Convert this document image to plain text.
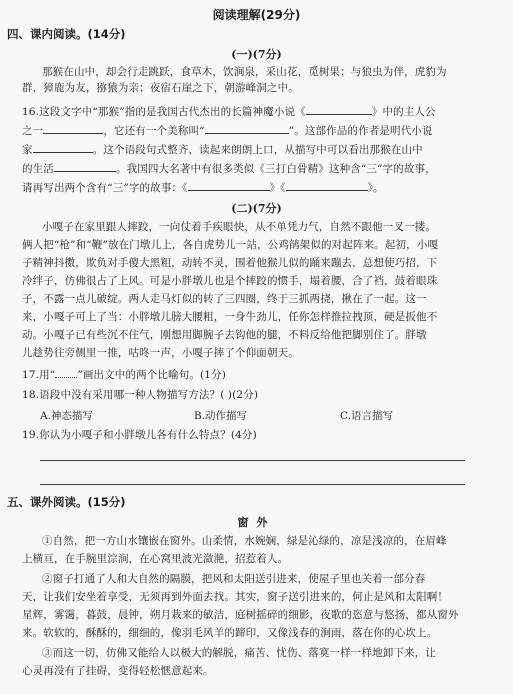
阅读理解(29分)
四、课内阅读。(14分)
(一)(7分)
那猴在山中，却会行走跳跃，食草木，饮涧泉，采山花，觅树果；与狼虫为伴，虎豹为
群，獐鹿为友，猕猿为亲；夜宿石崖之下，朝游峰洞之中。
16.这段文字中“那猴”指的是我国古代杰出的长篇神魔小说《	》中的主人公
之一	，它还有一个美称叫“	”。这部作品的作者是明代小说
家	。这个语段句式整齐，读起来朗朗上口，从描写中可以看出那猴在山中
的生活	。我国四大名著中有很多类似《三打白骨精》这种含“三”字的故事，
请再写出两个含有“三”字的故事：《	》《	》。
(二)(7分)
小嘎子在家里跟人摔跤，一向仗着手疾眼快，从不单凭力气，自然不跟他一叉一搂。
俩人把“枪”和“鞭”放在门墩儿上，各自虎势儿一站，公鸡鹐架似的对起阵来。起初，小嘎
子精神抖擞，欺负对手傻大黑粗，动转不灵，围着他猴儿似的踊来蹦去，总想使巧招，下
冷绊子，仿佛很占了上风。可是小胖墩儿也是个摔跤的惯手，塌着腰，合了裆，鼓着眼珠
子，不露一点儿破绽。两人走马灯似的转了三四圈，终于三抓两挠，揪在了一起。这一
来，小嘎子可上了当：小胖墩儿膀大腰粗，一身牛劲儿，任你怎样推拉拽顶，硬是扳他不
动。小嘎子已有些沉不住气，刚想用脚腕子去钩他的腿，不料反给他把脚别住了。胖墩
儿趁势往旁侧里一推，咕咚一声，小嘎子摔了个仰面朝天。
17.用“ ”画出文中的两个比喻句。(1分)
18.语段中没有采用哪一种人物描写方法？( )(2分)
A.神态描写	B.动作描写	C.语言描写
19.你认为小嘎子和小胖墩儿各有什么特点？(4分)
五、课外阅读。(15分)
窗外
①自然，把一方山水镶嵌在窗外。山柔情，水婉娴，绿是沁绿的，凉是浅凉的，在眉峰
上横亘，在手腕里淙涧，在心窝里波光潋滟，招惹着人。
②窗子打通了人和大自然的隔膜，把风和太阳送引进来，使屋子里也关着一部分春
天，让我们安坐着享受，无须再到外面去找。其实，窗子送引进来的，何止是风和太阳啊！
星辉，雾霭，暮鼓，晨钟，朔月栽来的敏洁，庭树摇碎的细影，夜歌的恣意与悠扬，都从窗外
来。软软的，酥酥的，细细的，像羽毛风羊的蹄印，又像浅春的涧雨，落在你的心坎上。
③而这一切，仿佛又能给人以极大的解脱，痛苦、忧伤、落寞一样一样地卸下来，让
心灵再没有了挂碍，变得轻松惬意起来。
